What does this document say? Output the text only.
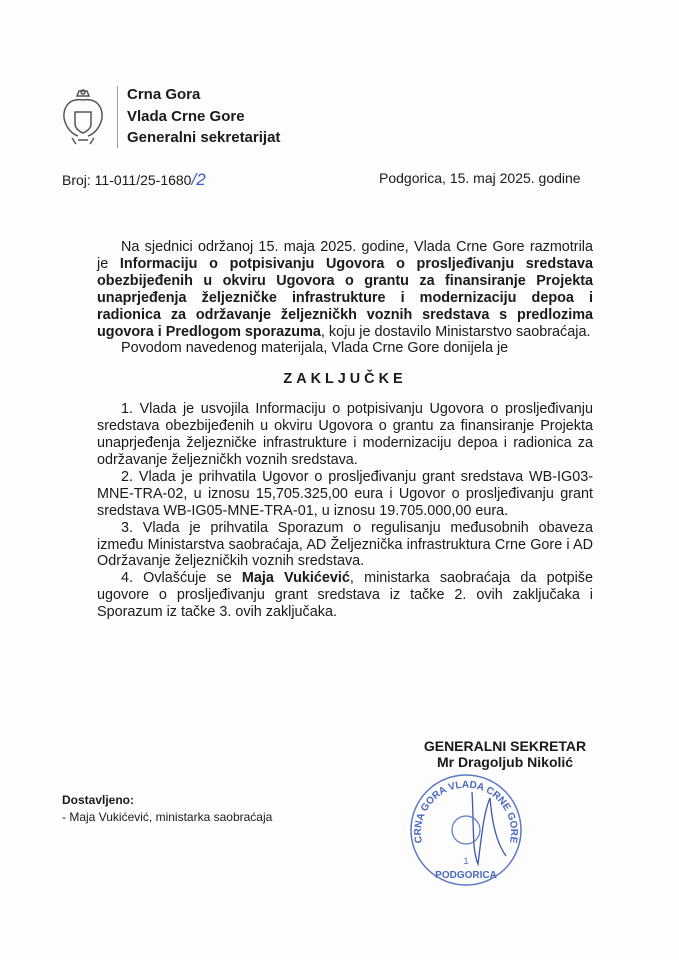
Crna Gora
Vlada Crne Gore
Generalni sekretarijat
Broj: 11-011/25-1680/2	Podgorica, 15. maj 2025. godine

Na sjednici održanoj 15. maja 2025. godine, Vlada Crne Gore razmotrila je Informaciju o potpisivanju Ugovora o prosljeđivanju sredstava obezbijeđenih u okviru Ugovora o grantu za finansiranje Projekta unaprjeđenja željezničke infrastrukture i modernizaciju depoa i radionica za održavanje željezničkh voznih sredstava s predlozima ugovora i Predlogom sporazuma, koju je dostavilo Ministarstvo saobraćaja.

Povodom navedenog materijala, Vlada Crne Gore donijela je

ZAKLJUČKE

1. Vlada je usvojila Informaciju o potpisivanju Ugovora o prosljeđivanju sredstava obezbijeđenih u okviru Ugovora o grantu za finansiranje Projekta unaprjeđenja željezničke infrastrukture i modernizaciju depoa i radionica za održavanje željezničkh voznih sredstava.

2. Vlada je prihvatila Ugovor o prosljeđivanju grant sredstava WB-IG03-MNE-TRA-02, u iznosu 15,705.325,00 eura i Ugovor o prosljeđivanju grant sredstava WB-IG05-MNE-TRA-01, u iznosu 19.705.000,00 eura.

3. Vlada je prihvatila Sporazum o regulisanju međusobnih obaveza između Ministarstva saobraćaja, AD Željeznička infrastruktura Crne Gore i AD Održavanje željezničkih voznih sredstava.

4. Ovlašćuje se Maja Vukićević, ministarka saobraćaja da potpiše ugovore o prosljeđivanju grant sredstava iz tačke 2. ovih zaključaka i Sporazum iz tačke 3. ovih zaključaka.

CRNA GORA VLADA CRNE GORE
1
PODGORICA
GENERALNI SEKRETAR
Mr Dragoljub Nikolić
Dostavljeno:
- Maja Vukićević, ministarka saobraćaja
